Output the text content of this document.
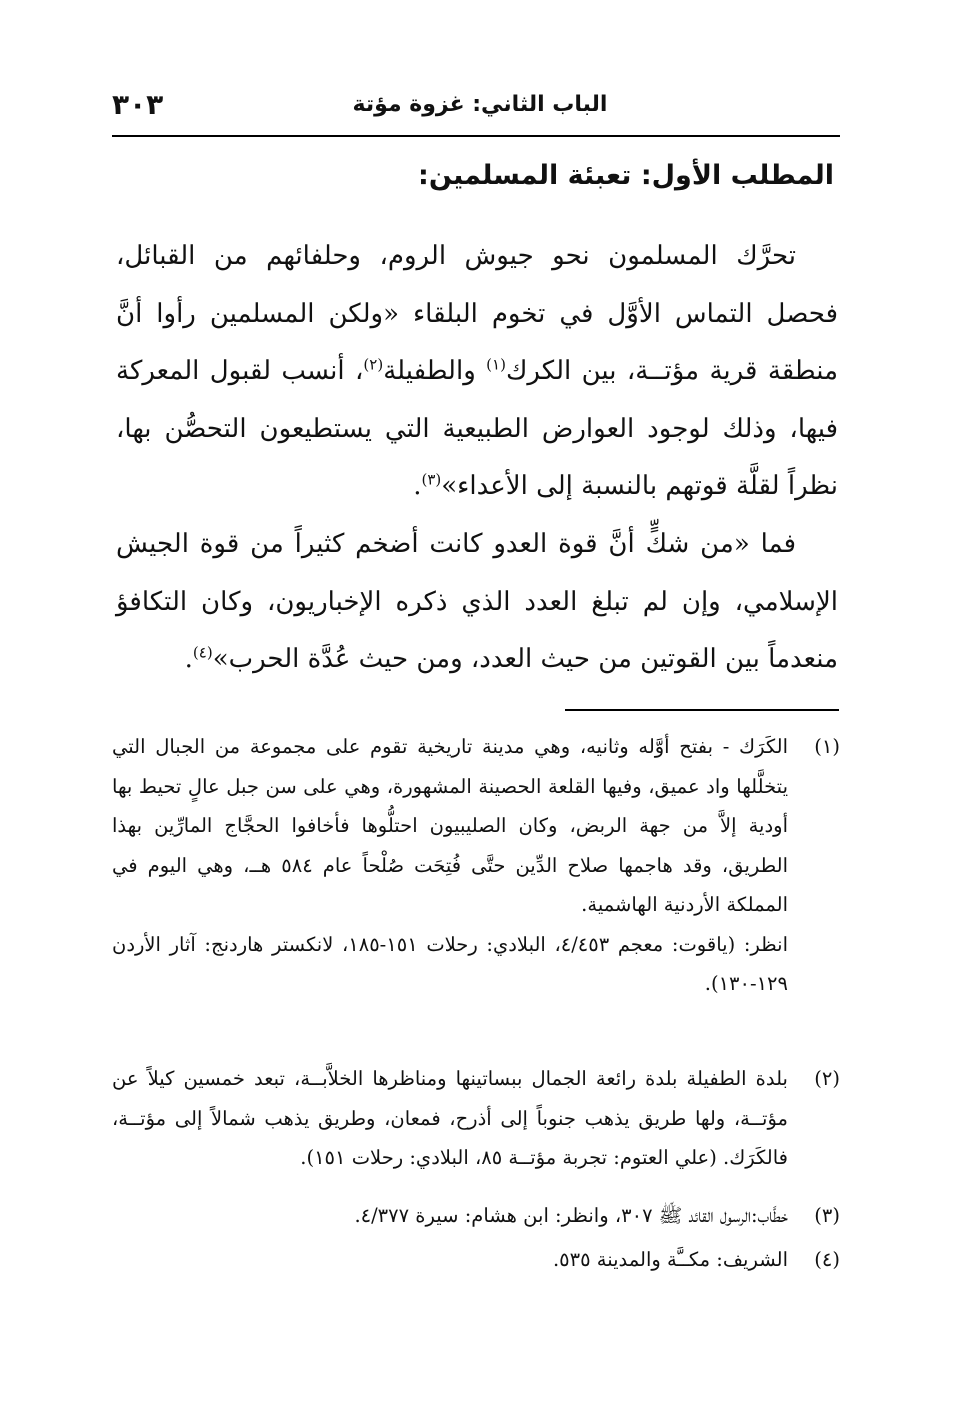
الباب الثاني: غزوة مؤتة
٣٠٣
المطلب الأول: تعبئة المسلمين:
تحرَّك المسلمون نحو جيوش الروم، وحلفائهم من القبائل، فحصل التماس الأوَّل في تخوم البلقاء «ولكن المسلمين رأوا أنَّ منطقة قرية مؤتــة، بين الكرك$^{(١)}$ والطفيلة$^{(٢)}$، أنسب لقبول المعركة فيها، وذلك لوجود العوارض الطبيعية التي يستطيعون التحصُّن بها، نظراً لقلَّة قوتهم بالنسبة إلى الأعداء»$^{(٣)}$.
فما «من شكٍّ أنَّ قوة العدو كانت أضخم كثيراً من قوة الجيش الإسلامي، وإن لم تبلغ العدد الذي ذكره الإخباريون، وكان التكافؤ منعدماً بين القوتين من حيث العدد، ومن حيث عُدَّة الحرب»$^{(٤)}$.
(١)
الكَرَك - بفتح أوَّله وثانيه، وهي مدينة تاريخية تقوم على مجموعة من الجبال التي يتخلَّلها واد عميق، وفيها القلعة الحصينة المشهورة، وهي على سن جبل عالٍ تحيط بها أودية إلاَّ من جهة الربض، وكان الصليبيون احتلُّوها فأخافوا الحجَّاج المارِّين بهذا الطريق، وقد هاجمها صلاح الدِّين حتَّى فُتِحَت صُلْحاً عام ٥٨٤ هــ، وهي اليوم في المملكة الأردنية الهاشمية.
انظر: (ياقوت: معجم ٤/٤٥٣، البلادي: رحلات ١٥١-١٨٥، لانكستر هاردنج: آثار الأردن ١٢٩-١٣٠).
(٢)
بلدة الطفيلة بلدة رائعة الجمال ببساتينها ومناظرها الخلاَّبــة، تبعد خمسين كيلاً عن مؤتــة، ولها طريق يذهب جنوباً إلى أذرح، فمعان، وطريق يذهب شمالاً إلى مؤتــة، فالكَرَك. (علي العتوم: تجربة مؤتــة ٨٥، البلادي: رحلات ١٥١).
(٣)
خطَّاب:الرسول القائد ﷺ ٣٠٧، وانظر: ابن هشام: سيرة ٤/٣٧٧.
(٤)
الشريف: مكــَّة والمدينة ٥٣٥.
